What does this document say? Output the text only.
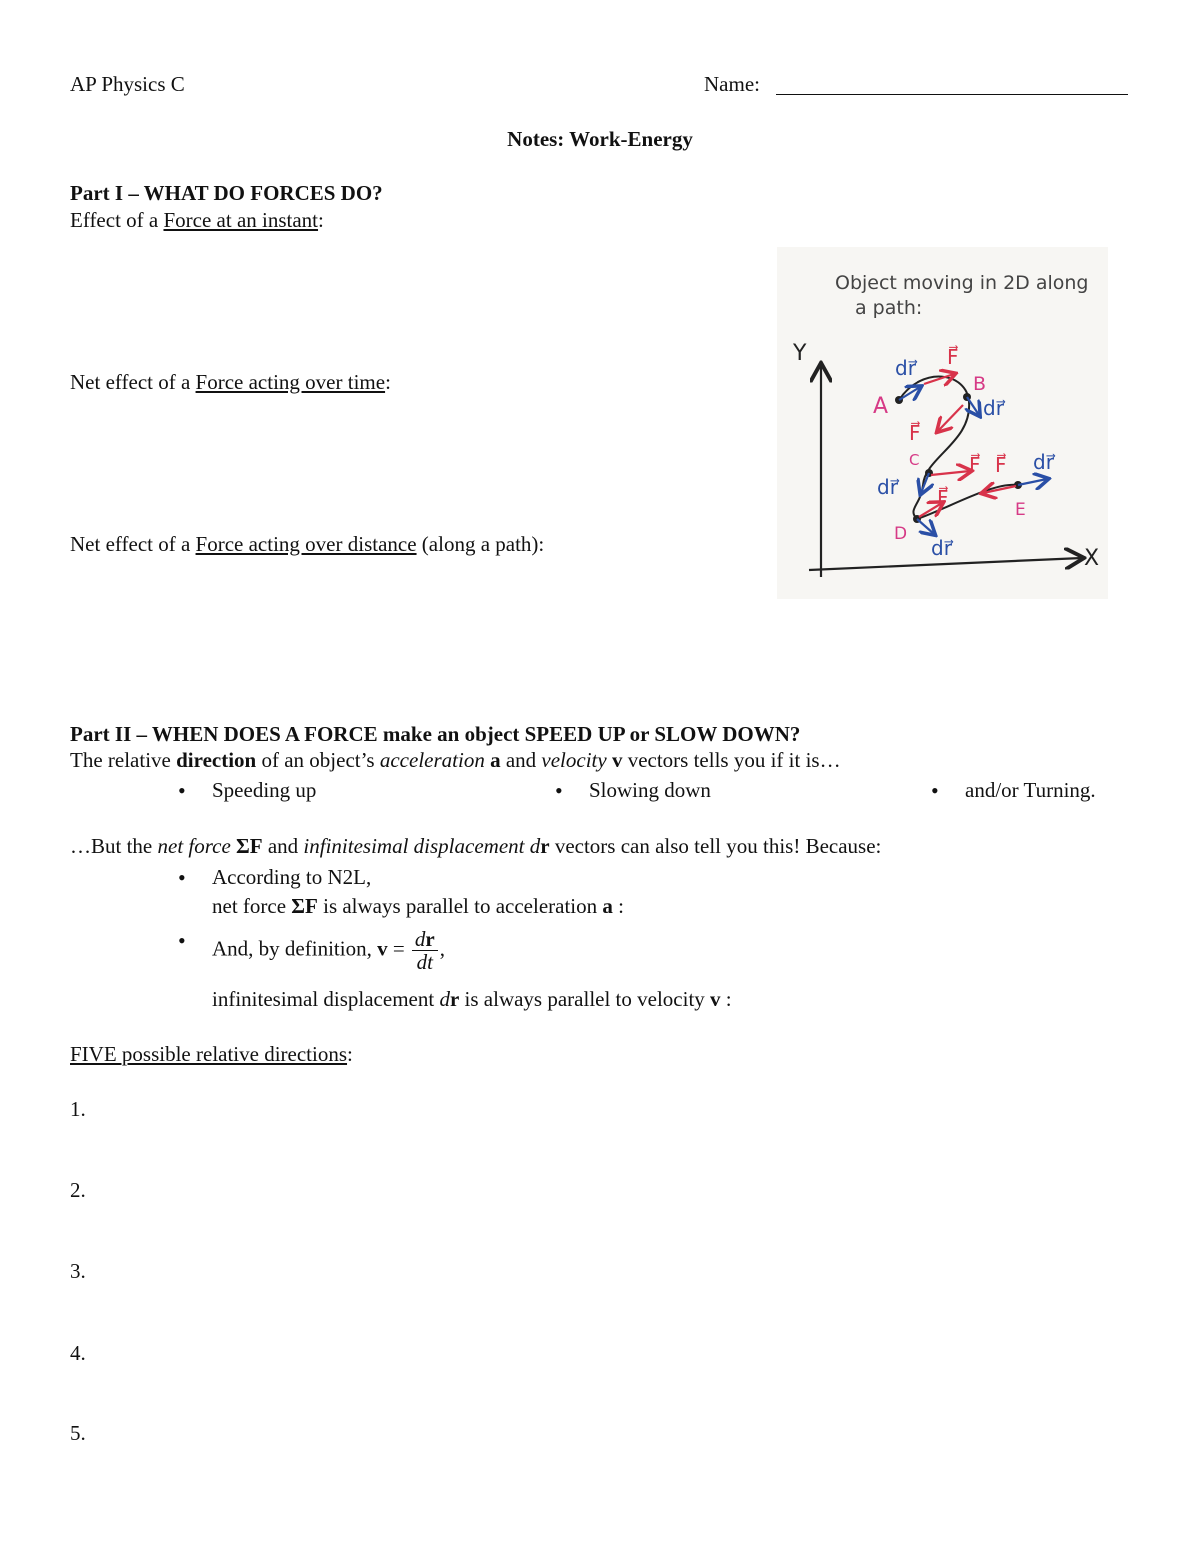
AP Physics C	Name:
Notes: Work-Energy
Part I – WHAT DO FORCES DO?
Effect of a Force at an instant:
Net effect of a Force acting over time:
Net effect of a Force acting over distance (along a path):
Object moving in 2D along
a path:
Y
X
A
B
C
D
E
dr⃗ F⃗
dr⃗
F⃗
dr⃗
F⃗ F⃗ dr⃗
F⃗
dr⃗
Part II – WHEN DOES A FORCE make an object SPEED UP or SLOW DOWN?
The relative direction of an object’s acceleration a and velocity v vectors tells you if it is…
• Speeding up	• Slowing down	• and/or Turning.
…But the net force ΣF and infinitesimal displacement dr vectors can also tell you this! Because:
• According to N2L,
net force ΣF is always parallel to acceleration a :
• And, by definition, $v = \frac{dr}{dt}$ ,
infinitesimal displacement dr is always parallel to velocity v :
FIVE possible relative directions:
1.
2.
3.
4.
5.
